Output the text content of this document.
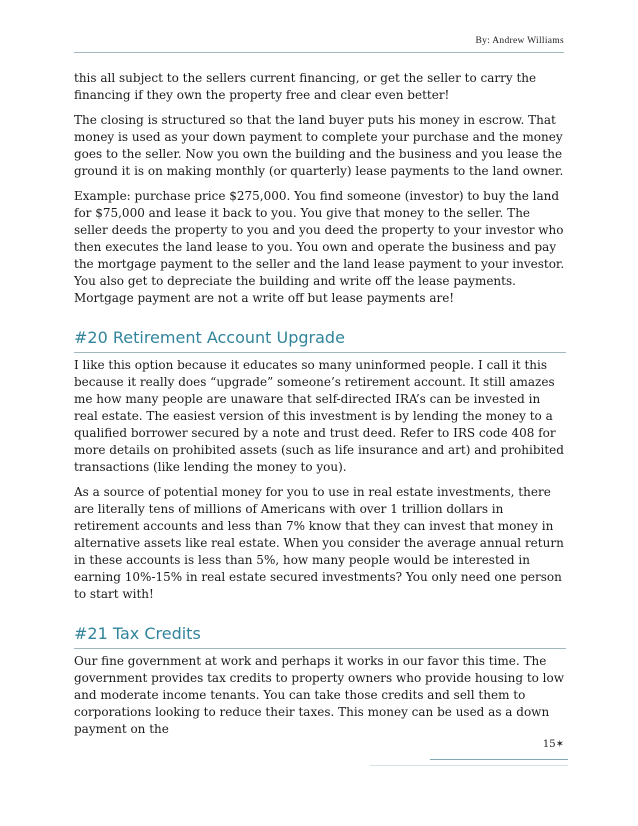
By: Andrew Williams

this all subject to the sellers current financing, or get the seller to carry the financing if they own the property free and clear even better!

The closing is structured so that the land buyer puts his money in escrow. That money is used as your down payment to complete your purchase and the money goes to the seller. Now you own the building and the business and you lease the ground it is on making monthly (or quarterly) lease payments to the land owner.

Example: purchase price $275,000. You find someone (investor) to buy the land for $75,000 and lease it back to you. You give that money to the seller. The seller deeds the property to you and you deed the property to your investor who then executes the land lease to you. You own and operate the business and pay the mortgage payment to the seller and the land lease payment to your investor. You also get to depreciate the building and write off the lease payments. Mortgage payment are not a write off but lease payments are!

#20 Retirement Account Upgrade

I like this option because it educates so many uninformed people. I call it this because it really does “upgrade” someone’s retirement account. It still amazes me how many people are unaware that self-directed IRA’s can be invested in real estate. The easiest version of this investment is by lending the money to a qualified borrower secured by a note and trust deed. Refer to IRS code 408 for more details on prohibited assets (such as life insurance and art) and prohibited transactions (like lending the money to you).

As a source of potential money for you to use in real estate investments, there are literally tens of millions of Americans with over 1 trillion dollars in retirement accounts and less than 7% know that they can invest that money in alternative assets like real estate. When you consider the average annual return in these accounts is less than 5%, how many people would be interested in earning 10%-15% in real estate secured investments? You only need one person to start with!

#21 Tax Credits

Our fine government at work and perhaps it works in our favor this time. The government provides tax credits to property owners who provide housing to low and moderate income tenants. You can take those credits and sell them to corporations looking to reduce their taxes. This money can be used as a down payment on the

15✶
